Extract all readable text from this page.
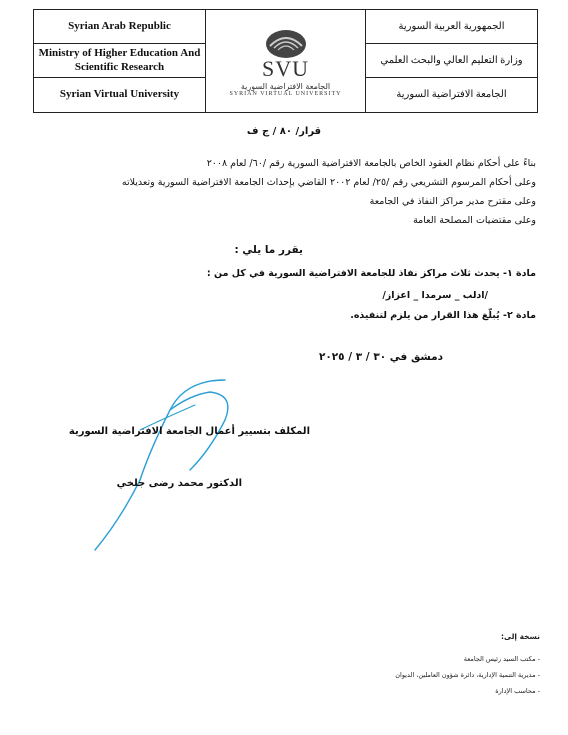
Syrian Arab Republic
SVU
الجامعة الافتراضية السورية
SYRIAN VIRTUAL UNIVERSITY
الجمهورية العربية السورية
Ministry of Higher Education And Scientific Research
وزارة التعليم العالي والبحث العلمي
Syrian Virtual University	الجامعة الافتراضية السورية
قرار/ ٨٠ / ج ف
بناءً على أحكام نظام العقود الخاص بالجامعة الافتراضية السورية رقم /٦٠/ لعام ٢٠٠٨
وعلى أحكام المرسوم التشريعي رقم /٢٥/ لعام ٢٠٠٢ القاضي بإحداث الجامعة الافتراضية السورية وتعديلاته
وعلى مقترح مدير مراكز النفاذ في الجامعة
وعلى مقتضيات المصلحة العامة
يقرر ما يلي :
مادة ١- يحدث ثلاث مراكز نفاذ للجامعة الافتراضية السورية في كل من :
/ادلب _ سرمدا _ اعزاز/
مادة ٢- يُبلّغ هذا القرار من يلزم لتنفيذه.
دمشق في ٣٠ / ٣ / ٢٠٢٥
المكلف بتسيير أعمال الجامعة الافتراضية السورية
الدكتور محمد رضى جلخي
نسخة إلى:
- مكتب السيد رئيس الجامعة
- مديرية التنمية الإدارية، دائرة شؤون العاملين، الديوان
- محاسب الإدارة
